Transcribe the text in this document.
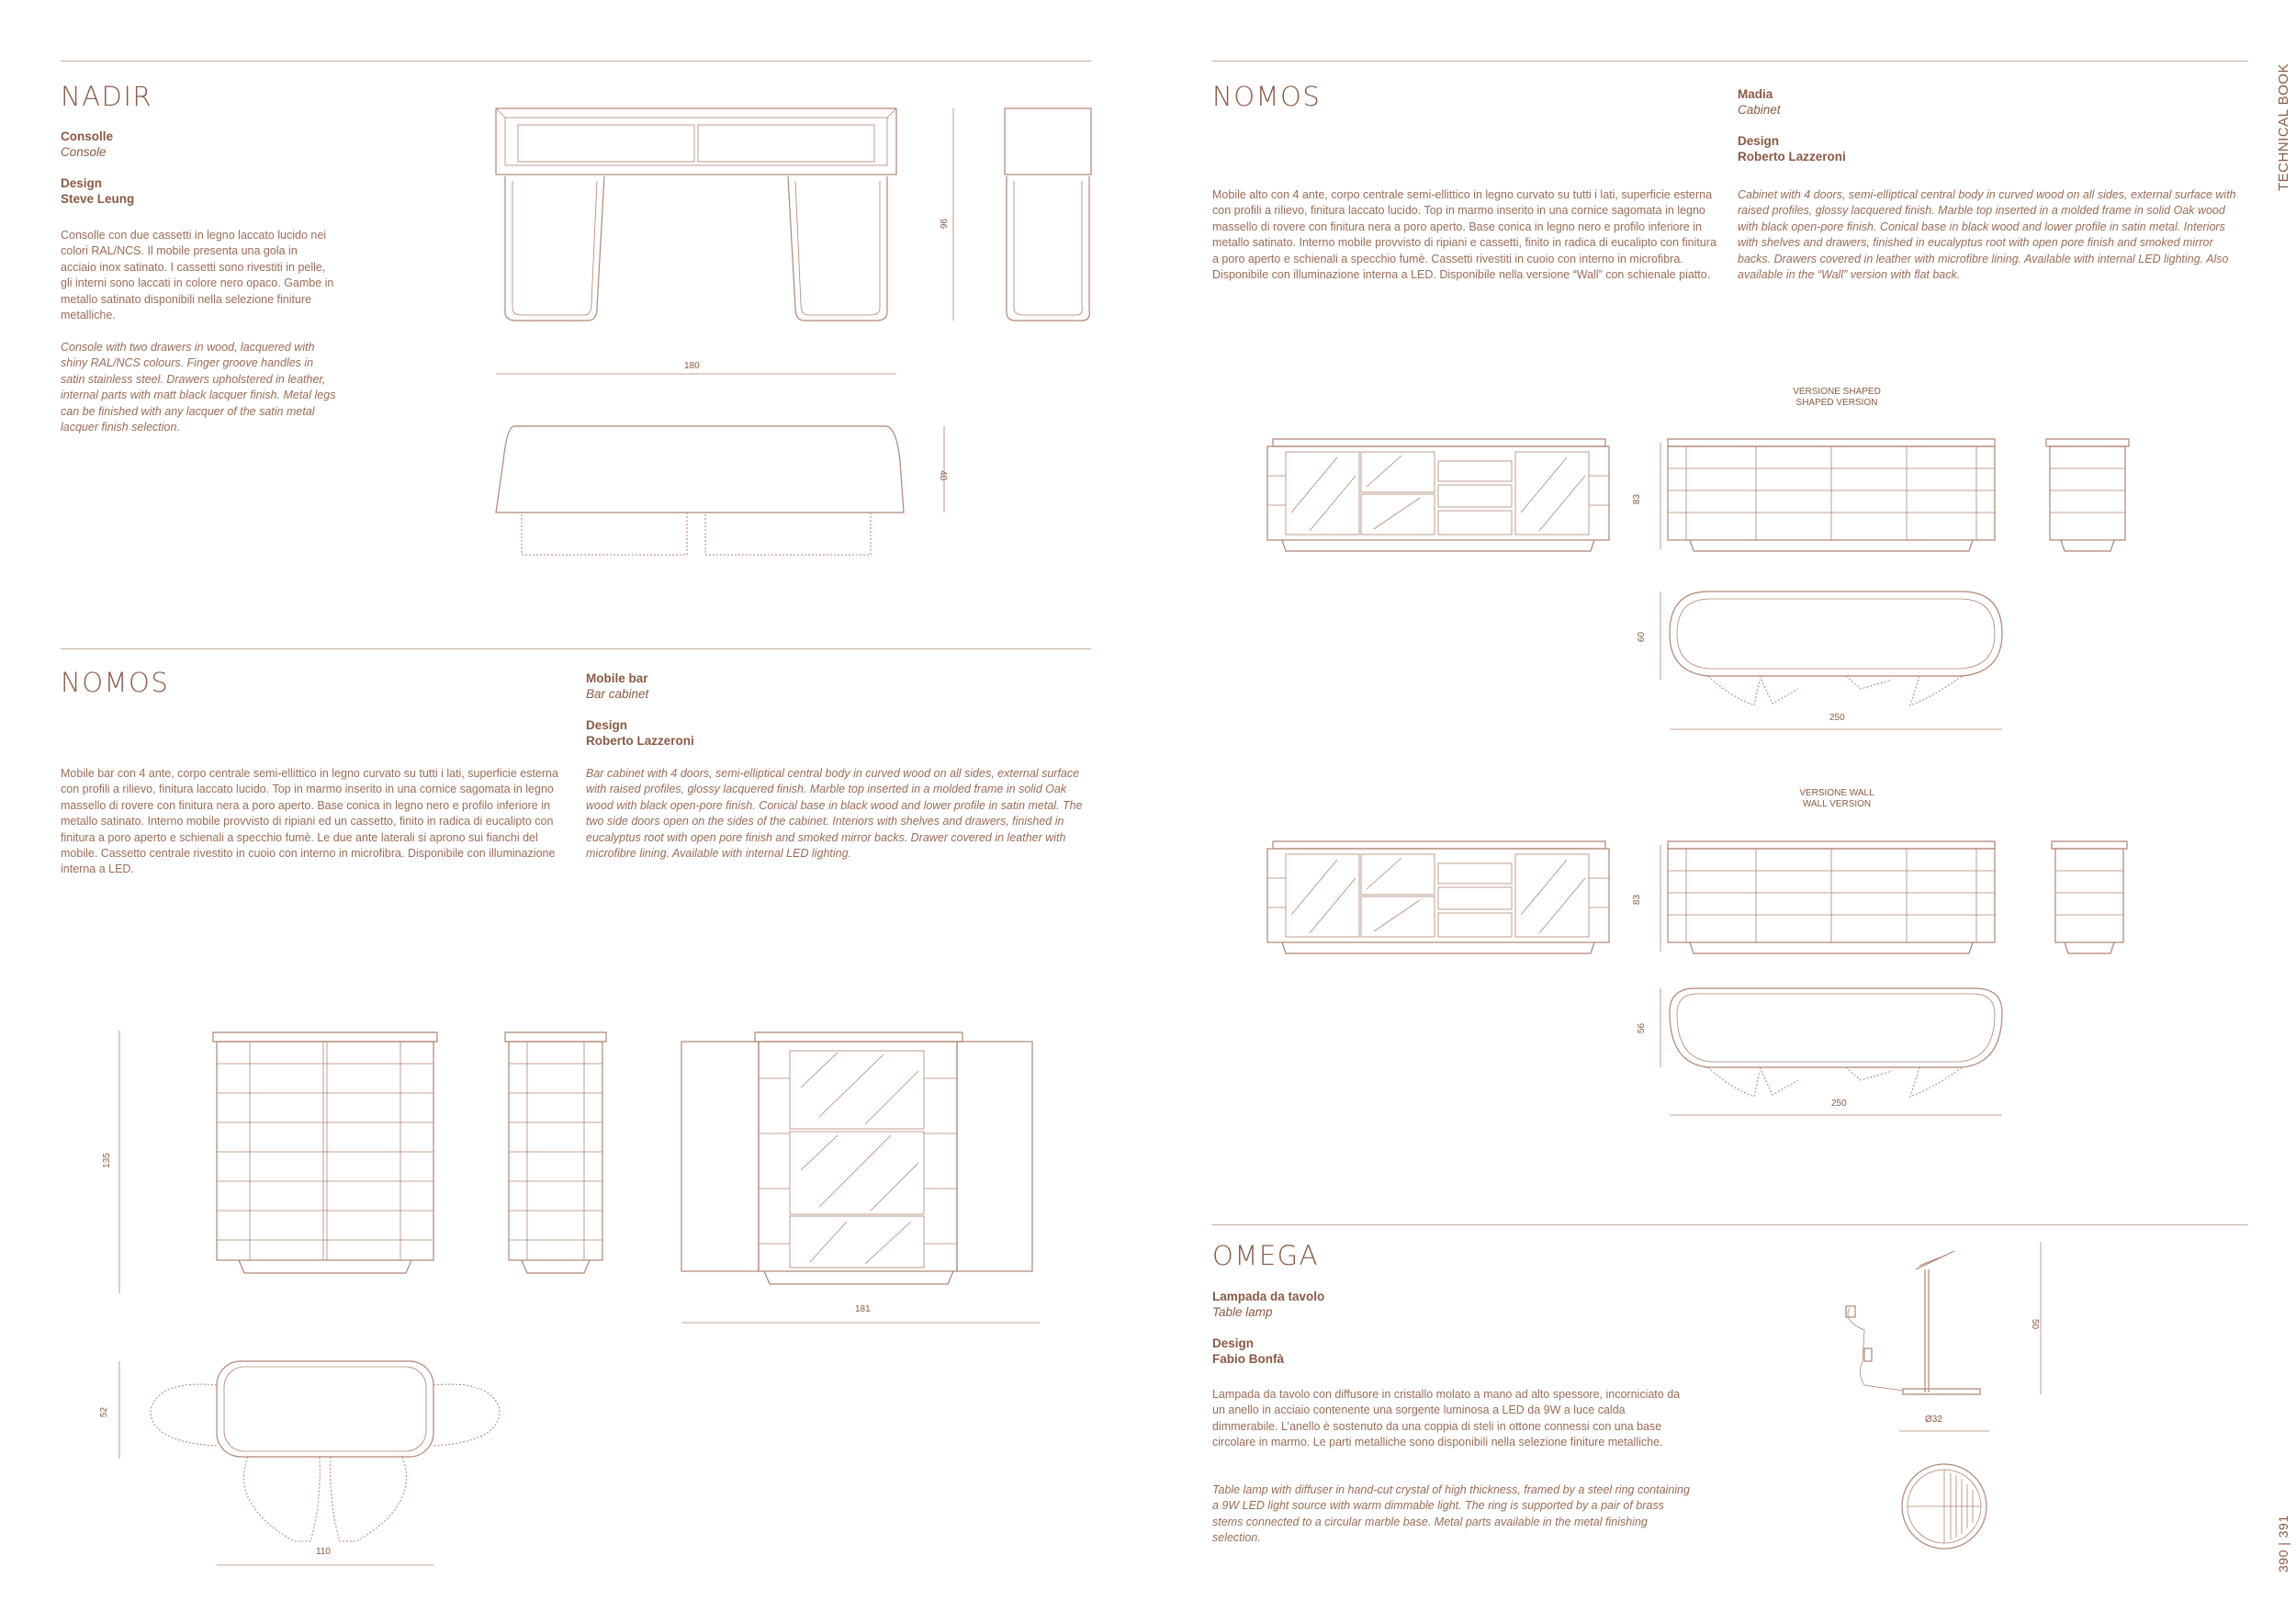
TECHNICAL BOOK
390 | 391
NADIR
Consolle
Console
Design
Steve Leung
Consolle con due cassetti in legno laccato lucido nei colori RAL/NCS. Il mobile presenta una gola in acciaio inox satinato. I cassetti sono rivestiti in pelle, gli interni sono laccati in colore nero opaco. Gambe in metallo satinato disponibili nella selezione finiture metalliche.
Console with two drawers in wood, lacquered with shiny RAL/NCS colours. Finger groove handles in satin stainless steel. Drawers upholstered in leather, internal parts with matt black lacquer finish. Metal legs can be finished with any lacquer of the satin metal lacquer finish selection.
180
96
40
NOMOS	Mobile bar
Bar cabinet
Design
Roberto Lazzeroni
Mobile bar con 4 ante, corpo centrale semi-ellittico in legno curvato su tutti i lati, superficie esterna con profili a rilievo, finitura laccato lucido. Top in marmo inserito in una cornice sagomata in legno massello di rovere con finitura nera a poro aperto. Base conica in legno nero e profilo inferiore in metallo satinato. Interno mobile provvisto di ripiani ed un cassetto, finito in radica di eucalipto con finitura a poro aperto e schienali a specchio fumè. Le due ante laterali si aprono sui fianchi del mobile. Cassetto centrale rivestito in cuoio con interno in microfibra. Disponibile con illuminazione interna a LED.
Bar cabinet with 4 doors, semi-elliptical central body in curved wood on all sides, external surface with raised profiles, glossy lacquered finish. Marble top inserted in a molded frame in solid Oak wood with black open-pore finish. Conical base in black wood and lower profile in satin metal. The two side doors open on the sides of the cabinet. Interiors with shelves and drawers, finished in eucalyptus root with open pore finish and smoked mirror backs. Drawer covered in leather with microfibre lining. Available with internal LED lighting.
135
181
52
110
NOMOS	Madia
Cabinet
Design
Roberto Lazzeroni
Mobile alto con 4 ante, corpo centrale semi-ellittico in legno curvato su tutti i lati, superficie esterna con profili a rilievo, finitura laccato lucido. Top in marmo inserito in una cornice sagomata in legno massello di rovere con finitura nera a poro aperto. Base conica in legno nero e profilo inferiore in metallo satinato. Interno mobile provvisto di ripiani e cassetti, finito in radica di eucalipto con finitura a poro aperto e schienali a specchio fumè. Cassetti rivestiti in cuoio con interno in microfibra. Disponibile con illuminazione interna a LED. Disponibile nella versione “Wall” con schienale piatto.
Cabinet with 4 doors, semi-elliptical central body in curved wood on all sides, external surface with raised profiles, glossy lacquered finish. Marble top inserted in a molded frame in solid Oak wood with black open-pore finish. Conical base in black wood and lower profile in satin metal. Interiors with shelves and drawers, finished in eucalyptus root with open pore finish and smoked mirror backs. Drawers covered in leather with microfibre lining. Available with internal LED lighting. Also available in the “Wall” version with flat back.
VERSIONE SHAPED
SHAPED VERSION
83
60
250
VERSIONE WALL
WALL VERSION
83
56
250
OMEGA
Lampada da tavolo
Table lamp
Design
Fabio Bonfà
Lampada da tavolo con diffusore in cristallo molato a mano ad alto spessore, incorniciato da un anello in acciaio contenente una sorgente luminosa a LED da 9W a luce calda dimmerabile. L’anello è sostenuto da una coppia di steli in ottone connessi con una base circolare in marmo. Le parti metalliche sono disponibili nella selezione finiture metalliche.
Table lamp with diffuser in hand-cut crystal of high thickness, framed by a steel ring containing a 9W LED light source with warm dimmable light. The ring is supported by a pair of brass stems connected to a circular marble base. Metal parts available in the metal finishing selection.
50
Ø32
